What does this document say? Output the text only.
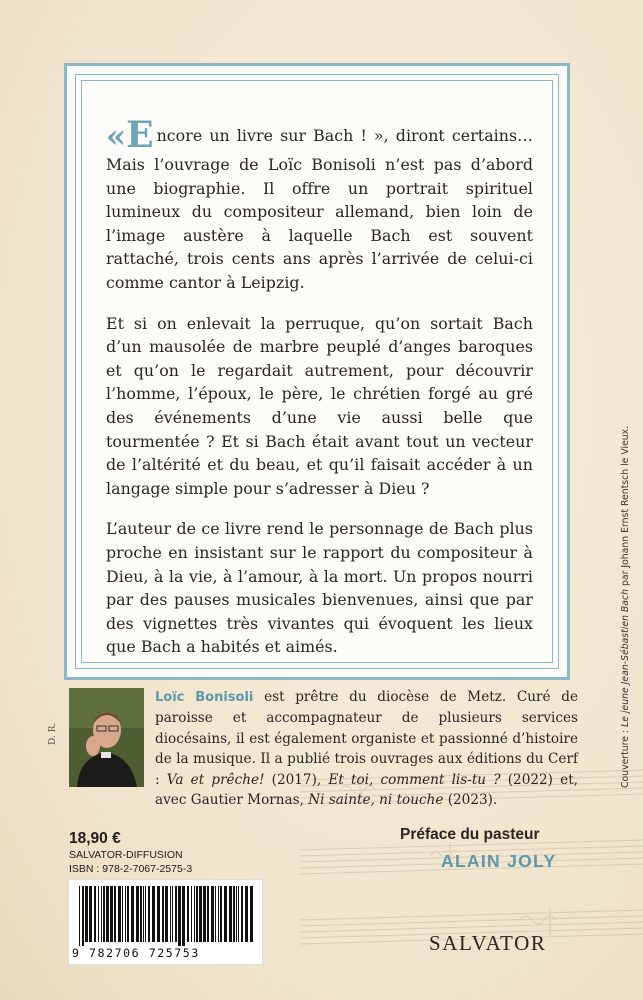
«E ncore un livre sur Bach ! », diront certains… Mais l’ouvrage de Loïc Bonisoli n’est pas d’abord une biographie. Il offre un portrait spirituel lumineux du compositeur allemand, bien loin de l’image austère à laquelle Bach est souvent rattaché, trois cents ans après l’arrivée de celui-ci comme cantor à Leipzig.

Et si on enlevait la perruque, qu’on sortait Bach d’un mausolée de marbre peuplé d’anges baroques et qu’on le regardait autrement, pour découvrir l’homme, l’époux, le père, le chrétien forgé au gré des événements d’une vie aussi belle que tourmentée ? Et si Bach était avant tout un vecteur de l’altérité et du beau, et qu’il faisait accéder à un langage simple pour s’adresser à Dieu ?

L’auteur de ce livre rend le personnage de Bach plus proche en insistant sur le rapport du compositeur à Dieu, à la vie, à l’amour, à la mort. Un propos nourri par des pauses musicales bienvenues, ainsi que par des vignettes très vivantes qui évoquent les lieux que Bach a habités et aimés.

D. R.
Loïc Bonisoli est prêtre du diocèse de Metz. Curé de paroisse et accompagnateur de plusieurs services diocésains, il est également organiste et passionné d’histoire de la musique. Il a publié trois ouvrages aux éditions du Cerf : Va et prêche! (2017), Et toi, comment lis-tu ? (2022) et, avec Gautier Mornas, Ni sainte, ni touche (2023).
Couverture : Le jeune Jean-Sébastien Bach par Johann Ernst Rentsch le Vieux.
18,90 €
SALVATOR-DIFFUSION
ISBN : 978-2-7067-2575-3
9 782706 725753
Préface du pasteur
ALAIN JOLY
SALVATOR
